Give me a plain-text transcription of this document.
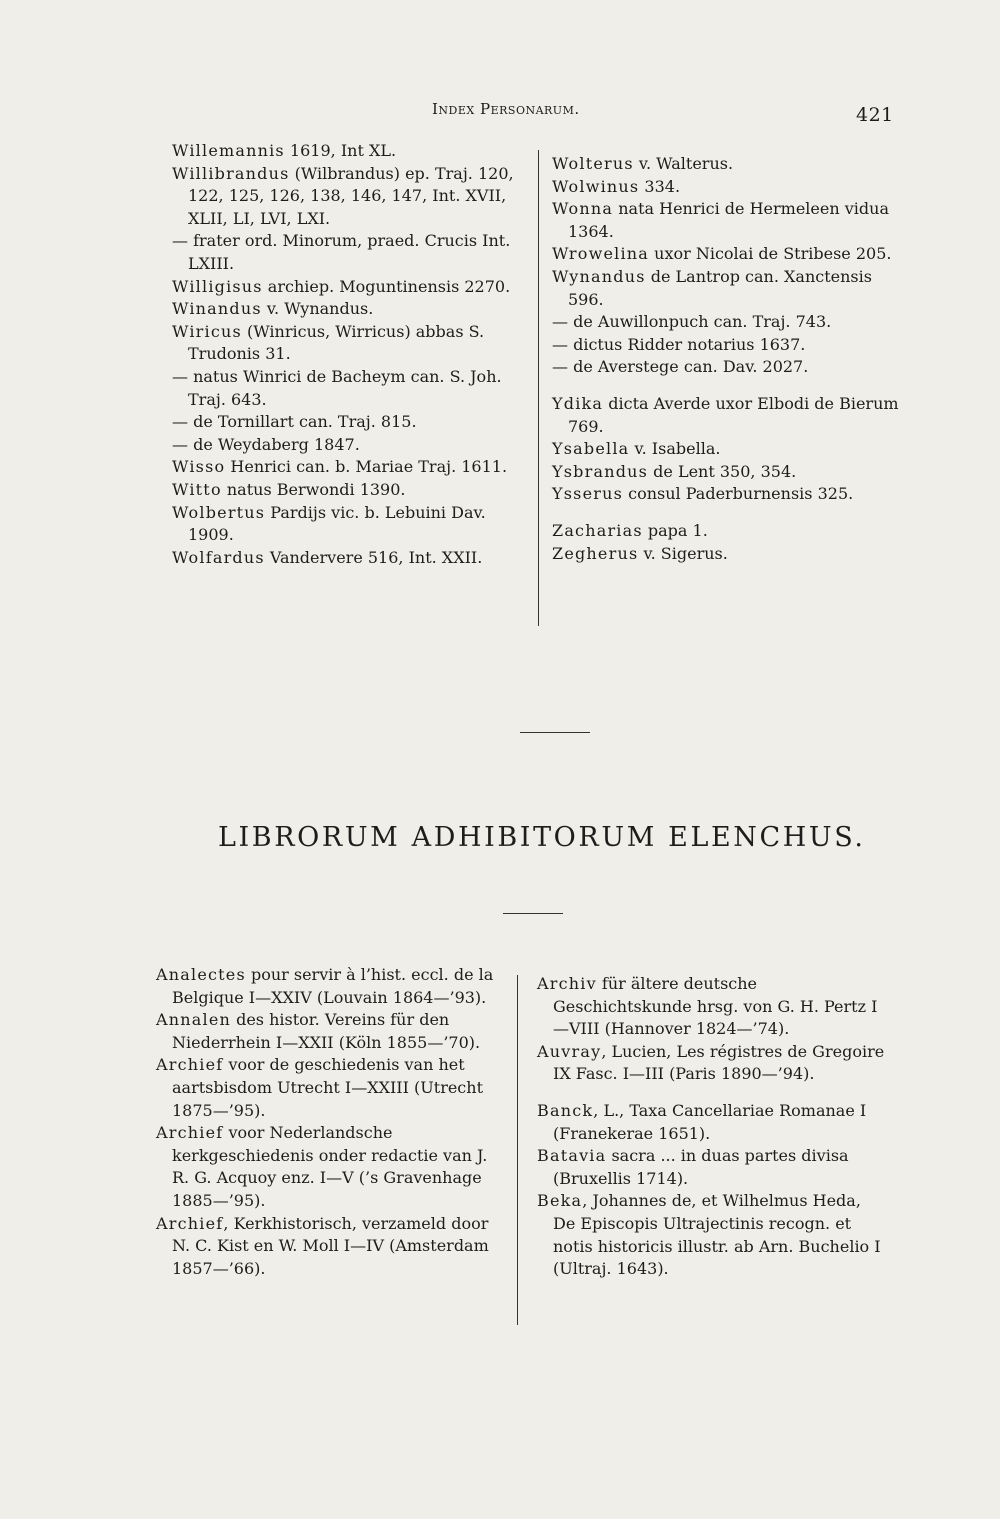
Index Personarum.	421

Willemannis 1619, Int XL.

Willibrandus (Wilbrandus) ep. Traj. 120, 122, 125, 126, 138, 146, 147, Int. XVII, XLII, LI, LVI, LXI.

— frater ord. Minorum, praed. Crucis Int. LXIII.

Willigisus archiep. Moguntinensis 2270.

Winandus v. Wynandus.

Wiricus (Winricus, Wirricus) abbas S. Trudonis 31.

— natus Winrici de Bacheym can. S. Joh. Traj. 643.

— de Tornillart can. Traj. 815.

— de Weydaberg 1847.

Wisso Henrici can. b. Mariae Traj. 1611.

Witto natus Berwondi 1390.

Wolbertus Pardijs vic. b. Lebuini Dav. 1909.

Wolfardus Vandervere 516, Int. XXII.

Wolterus v. Walterus.

Wolwinus 334.

Wonna nata Henrici de Hermeleen vidua 1364.

Wrowelina uxor Nicolai de Stribese 205.

Wynandus de Lantrop can. Xanctensis 596.

— de Auwillonpuch can. Traj. 743.

— dictus Ridder notarius 1637.

— de Averstege can. Dav. 2027.

Ydika dicta Averde uxor Elbodi de Bierum 769.

Ysabella v. Isabella.

Ysbrandus de Lent 350, 354.

Ysserus consul Paderburnensis 325.

Zacharias papa 1.

Zegherus v. Sigerus.

LIBRORUM ADHIBITORUM ELENCHUS.

Analectes pour servir à l’hist. eccl. de la Belgique I—XXIV (Louvain 1864—’93).

Annalen des histor. Vereins für den Niederrhein I—XXII (Köln 1855—’70).

Archief voor de geschiedenis van het aartsbisdom Utrecht I—XXIII (Utrecht 1875—’95).

Archief voor Nederlandsche kerkgeschiedenis onder redactie van J. R. G. Acquoy enz. I—V (’s Gravenhage 1885—’95).

Archief, Kerkhistorisch, verzameld door N. C. Kist en W. Moll I—IV (Amsterdam 1857—’66).

Archiv für ältere deutsche Geschichtskunde hrsg. von G. H. Pertz I—VIII (Hannover 1824—’74).

Auvray, Lucien, Les régistres de Gregoire IX Fasc. I—III (Paris 1890—’94).

Banck, L., Taxa Cancellariae Romanae I (Franekerae 1651).

Batavia sacra ... in duas partes divisa (Bruxellis 1714).

Beka, Johannes de, et Wilhelmus Heda, De Episcopis Ultrajectinis recogn. et notis historicis illustr. ab Arn. Buchelio I (Ultraj. 1643).
